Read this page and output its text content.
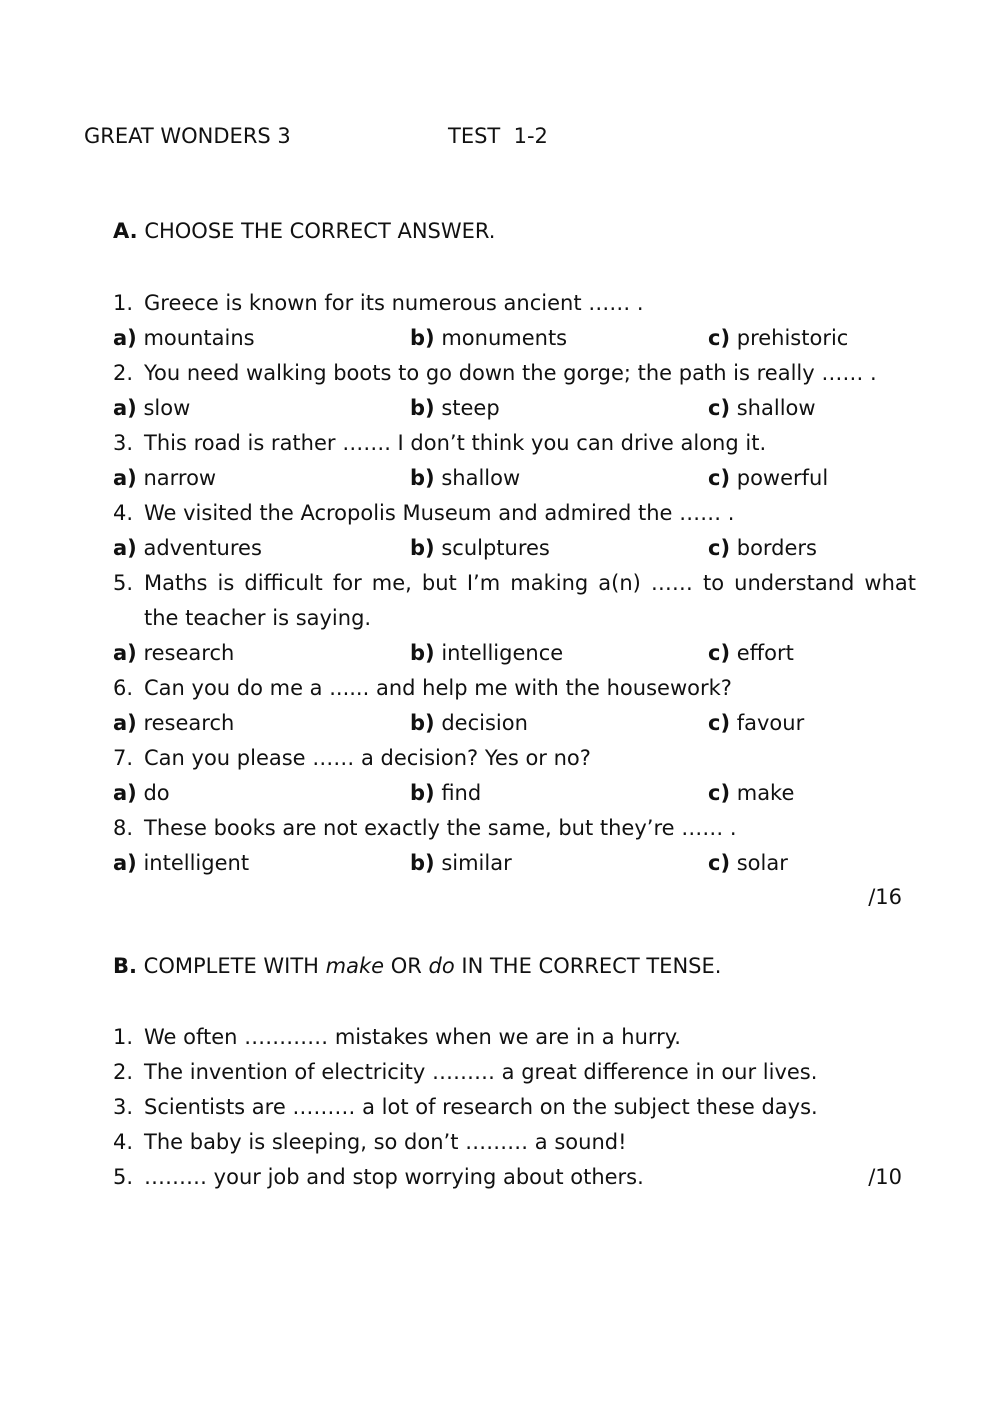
GREAT WONDERS 3	TEST  1-2
A. CHOOSE THE CORRECT ANSWER.
1. Greece is known for its numerous ancient …… .
a) mountains	b) monuments	c) prehistoric
2. You need walking boots to go down the gorge; the path is really …… .
a) slow	b) steep	c) shallow
3. This road is rather ……. I don’t think you can drive along it.
a) narrow	b) shallow	c) powerful
4. We visited the Acropolis Museum and admired the …… .
a) adventures	b) sculptures	c) borders
5. Maths is difficult for me, but I’m making a(n) …… to understand what the teacher is saying.
a) research	b) intelligence	c) effort
6. Can you do me a ...... and help me with the housework?
a) research	b) decision	c) favour
7. Can you please …… a decision? Yes or no?
a) do	b) find	c) make
8. These books are not exactly the same, but they’re …… .
a) intelligent	b) similar	c) solar
/16
B. COMPLETE WITH make OR do IN THE CORRECT TENSE.
1. We often ………… mistakes when we are in a hurry.
2. The invention of electricity ……… a great difference in our lives.
3. Scientists are ……… a lot of research on the subject these days.
4. The baby is sleeping, so don’t ……… a sound!
5. ……… your job and stop worrying about others.	/10
